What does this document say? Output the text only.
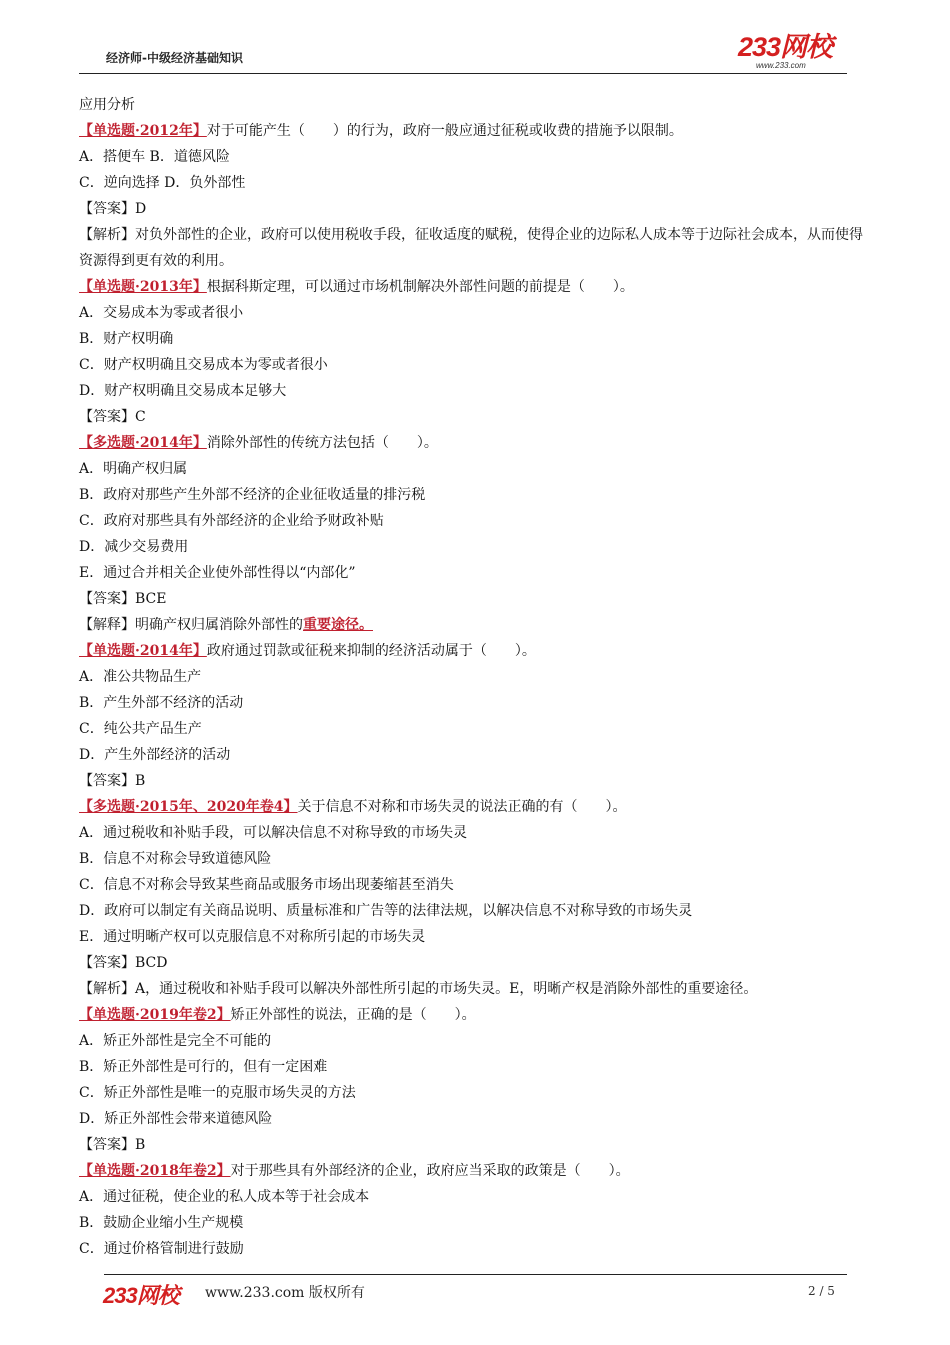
经济师-中级经济基础知识	233网校
www.233.com
应用分析
【单选题·2012年】对于可能产生（　　）的行为，政府一般应通过征税或收费的措施予以限制。
A．搭便车 B．道德风险
C．逆向选择 D．负外部性
【答案】D
【解析】对负外部性的企业，政府可以使用税收手段，征收适度的赋税，使得企业的边际私人成本等于边际社会成本，从而使得资源得到更有效的利用。
【单选题·2013年】根据科斯定理，可以通过市场机制解决外部性问题的前提是（　　）。
A．交易成本为零或者很小
B．财产权明确
C．财产权明确且交易成本为零或者很小
D．财产权明确且交易成本足够大
【答案】C
【多选题·2014年】消除外部性的传统方法包括（　　）。
A．明确产权归属
B．政府对那些产生外部不经济的企业征收适量的排污税
C．政府对那些具有外部经济的企业给予财政补贴
D．减少交易费用
E．通过合并相关企业使外部性得以“内部化”
【答案】BCE
【解释】明确产权归属消除外部性的重要途径。
【单选题·2014年】政府通过罚款或征税来抑制的经济活动属于（　　）。
A．准公共物品生产
B．产生外部不经济的活动
C．纯公共产品生产
D．产生外部经济的活动
【答案】B
【多选题·2015年、2020年卷4】关于信息不对称和市场失灵的说法正确的有（　　）。
A．通过税收和补贴手段，可以解决信息不对称导致的市场失灵
B．信息不对称会导致道德风险
C．信息不对称会导致某些商品或服务市场出现萎缩甚至消失
D．政府可以制定有关商品说明、质量标准和广告等的法律法规，以解决信息不对称导致的市场失灵
E．通过明晰产权可以克服信息不对称所引起的市场失灵
【答案】BCD
【解析】A，通过税收和补贴手段可以解决外部性所引起的市场失灵。E，明晰产权是消除外部性的重要途径。
【单选题·2019年卷2】矫正外部性的说法，正确的是（　　）。
A．矫正外部性是完全不可能的
B．矫正外部性是可行的，但有一定困难
C．矫正外部性是唯一的克服市场失灵的方法
D．矫正外部性会带来道德风险
【答案】B
【单选题·2018年卷2】对于那些具有外部经济的企业，政府应当采取的政策是（　　）。
A．通过征税，使企业的私人成本等于社会成本
B．鼓励企业缩小生产规模
C．通过价格管制进行鼓励
233网校 www.233.com 版权所有	2 / 5
